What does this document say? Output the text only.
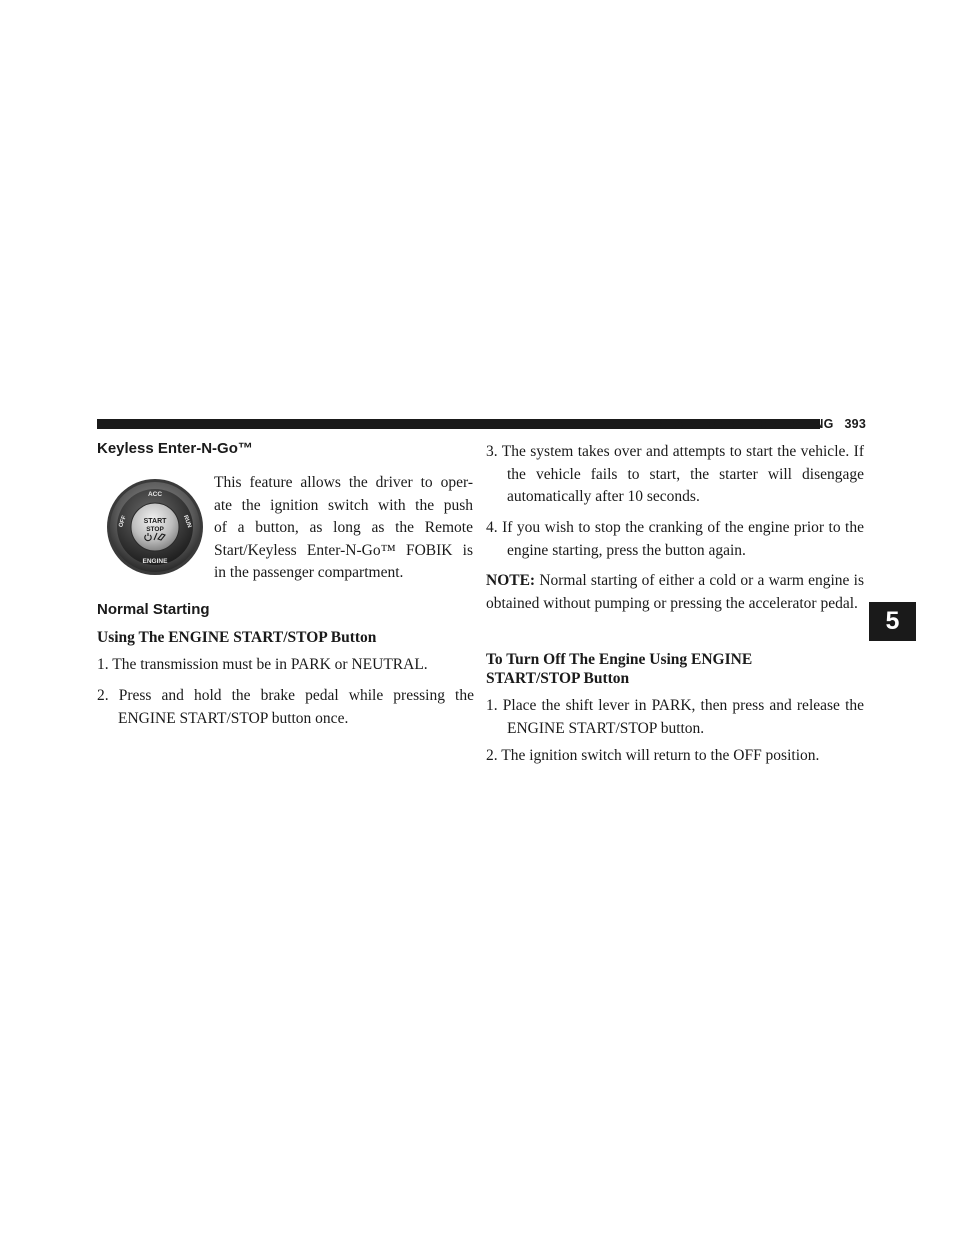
STARTING AND OPERATING 393
5
Keyless Enter-N-Go™
ACC
OFF	RUN
ENGINE
START
STOP
This feature allows the driver to oper-
ate the ignition switch with the push
of a button, as long as the Remote
Start/Keyless Enter-N-Go™ FOBIK is
in the passenger compartment.
Normal Starting
Using The ENGINE START/STOP Button
1. The transmission must be in PARK or NEUTRAL.
2. Press and hold the brake pedal while pressing the ENGINE START/STOP button once.
3. The system takes over and attempts to start the vehicle. If the vehicle fails to start, the starter will disengage automatically after 10 seconds.
4. If you wish to stop the cranking of the engine prior to the engine starting, press the button again.
NOTE: Normal starting of either a cold or a warm engine is obtained without pumping or pressing the accelerator pedal.
To Turn Off The Engine Using ENGINE
START/STOP Button
1. Place the shift lever in PARK, then press and release the ENGINE START/STOP button.
2. The ignition switch will return to the OFF position.
